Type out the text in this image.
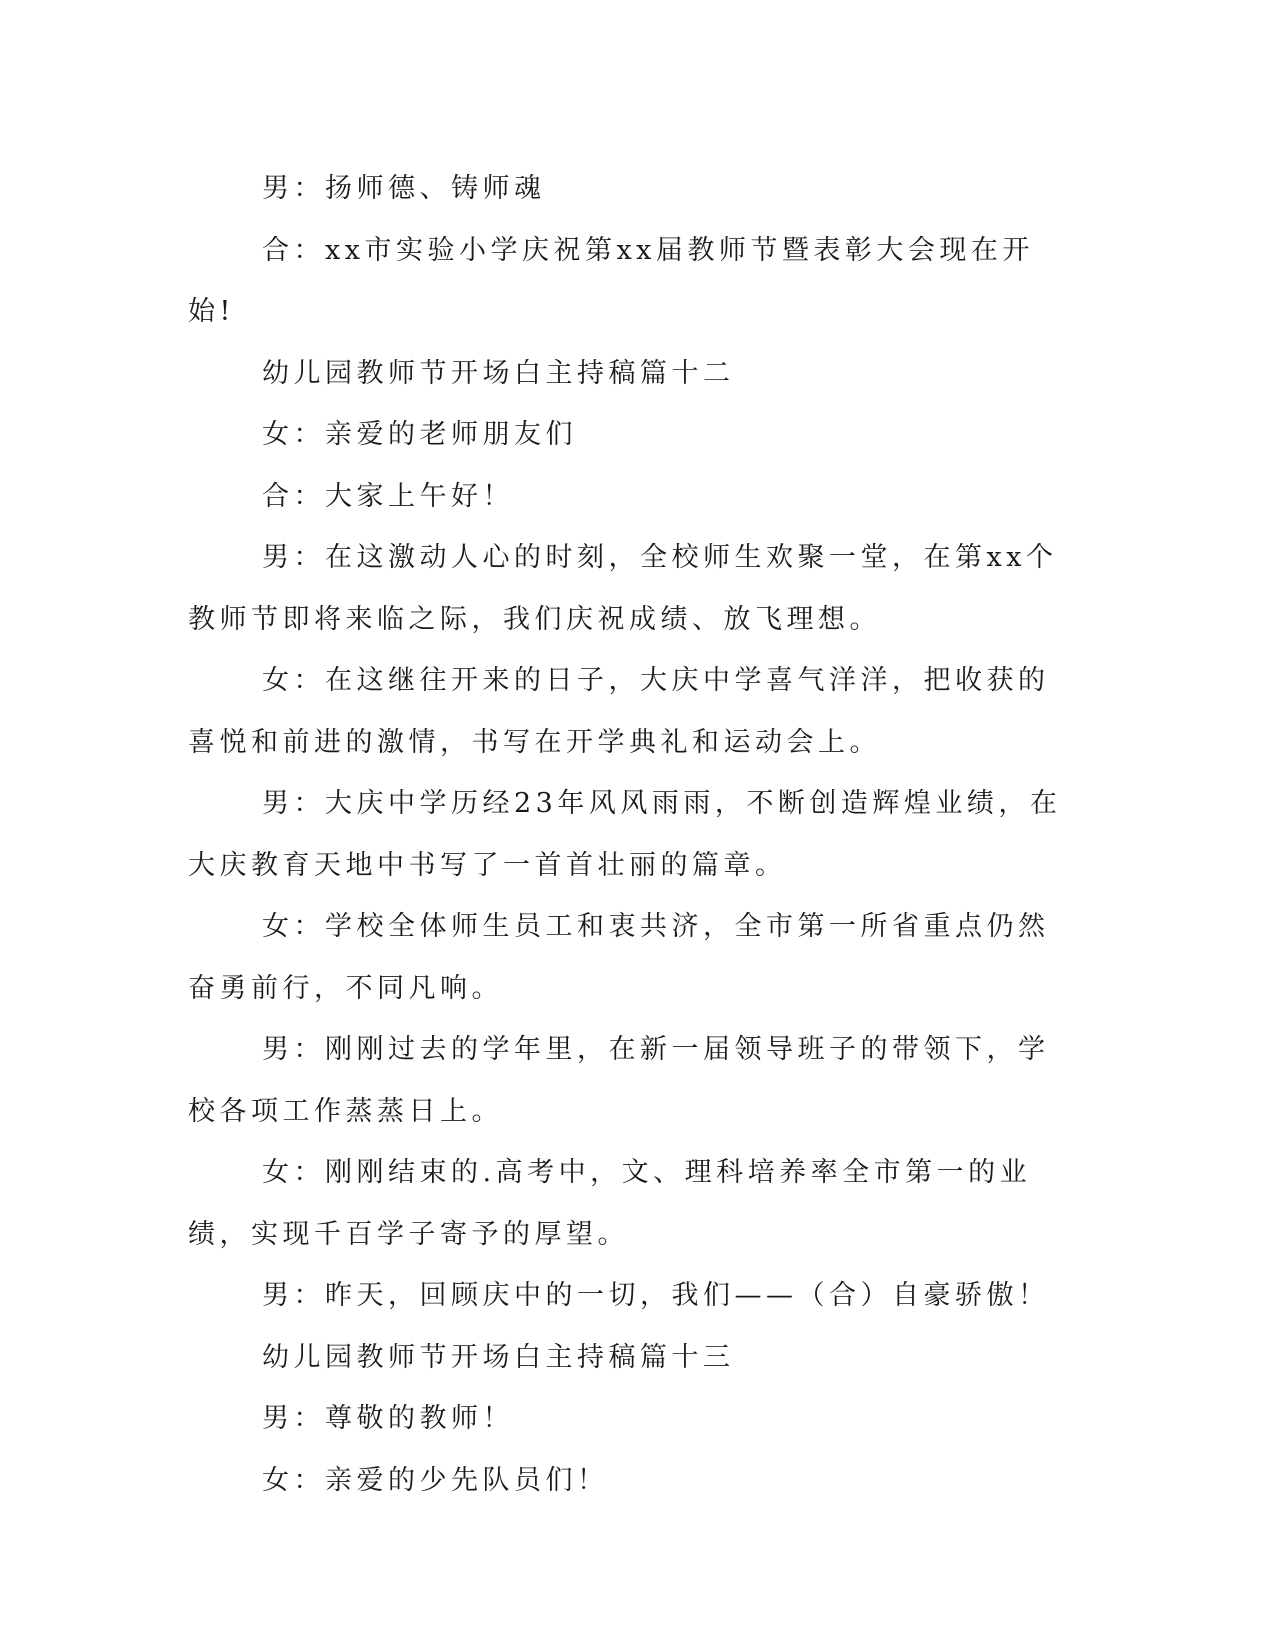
男：扬师德、铸师魂

合：xx市实验小学庆祝第xx届教师节暨表彰大会现在开始!

幼儿园教师节开场白主持稿篇十二

女：亲爱的老师朋友们

合：大家上午好！

男：在这激动人心的时刻，全校师生欢聚一堂，在第xx个教师节即将来临之际，我们庆祝成绩、放飞理想。

女：在这继往开来的日子，大庆中学喜气洋洋，把收获的喜悦和前进的激情，书写在开学典礼和运动会上。

男：大庆中学历经23年风风雨雨，不断创造辉煌业绩，在大庆教育天地中书写了一首首壮丽的篇章。

女：学校全体师生员工和衷共济，全市第一所省重点仍然奋勇前行，不同凡响。

男：刚刚过去的学年里，在新一届领导班子的带领下，学校各项工作蒸蒸日上。

女：刚刚结束的.高考中，文、理科培养率全市第一的业绩，实现千百学子寄予的厚望。

男：昨天，回顾庆中的一切，我们——（合）自豪骄傲！

幼儿园教师节开场白主持稿篇十三

男：尊敬的教师！

女：亲爱的少先队员们！
